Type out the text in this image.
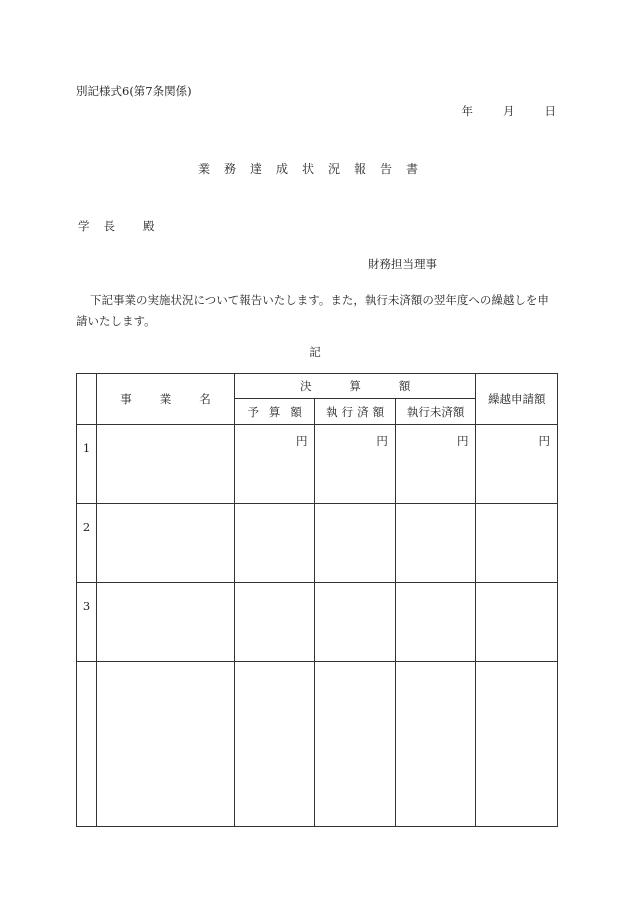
別記様式6(第7条関係)
年	月	日
業務達成状況報告書
学 長 殿
財務担当理事
下記事業の実施状況について報告いたします。また，執行未済額の翌年度への繰越しを申請いたします。
記
	事業名	決算額			繰越申請額
		予算額	執行済額	執行未済額	
1		円	円	円	円
2					
3					
